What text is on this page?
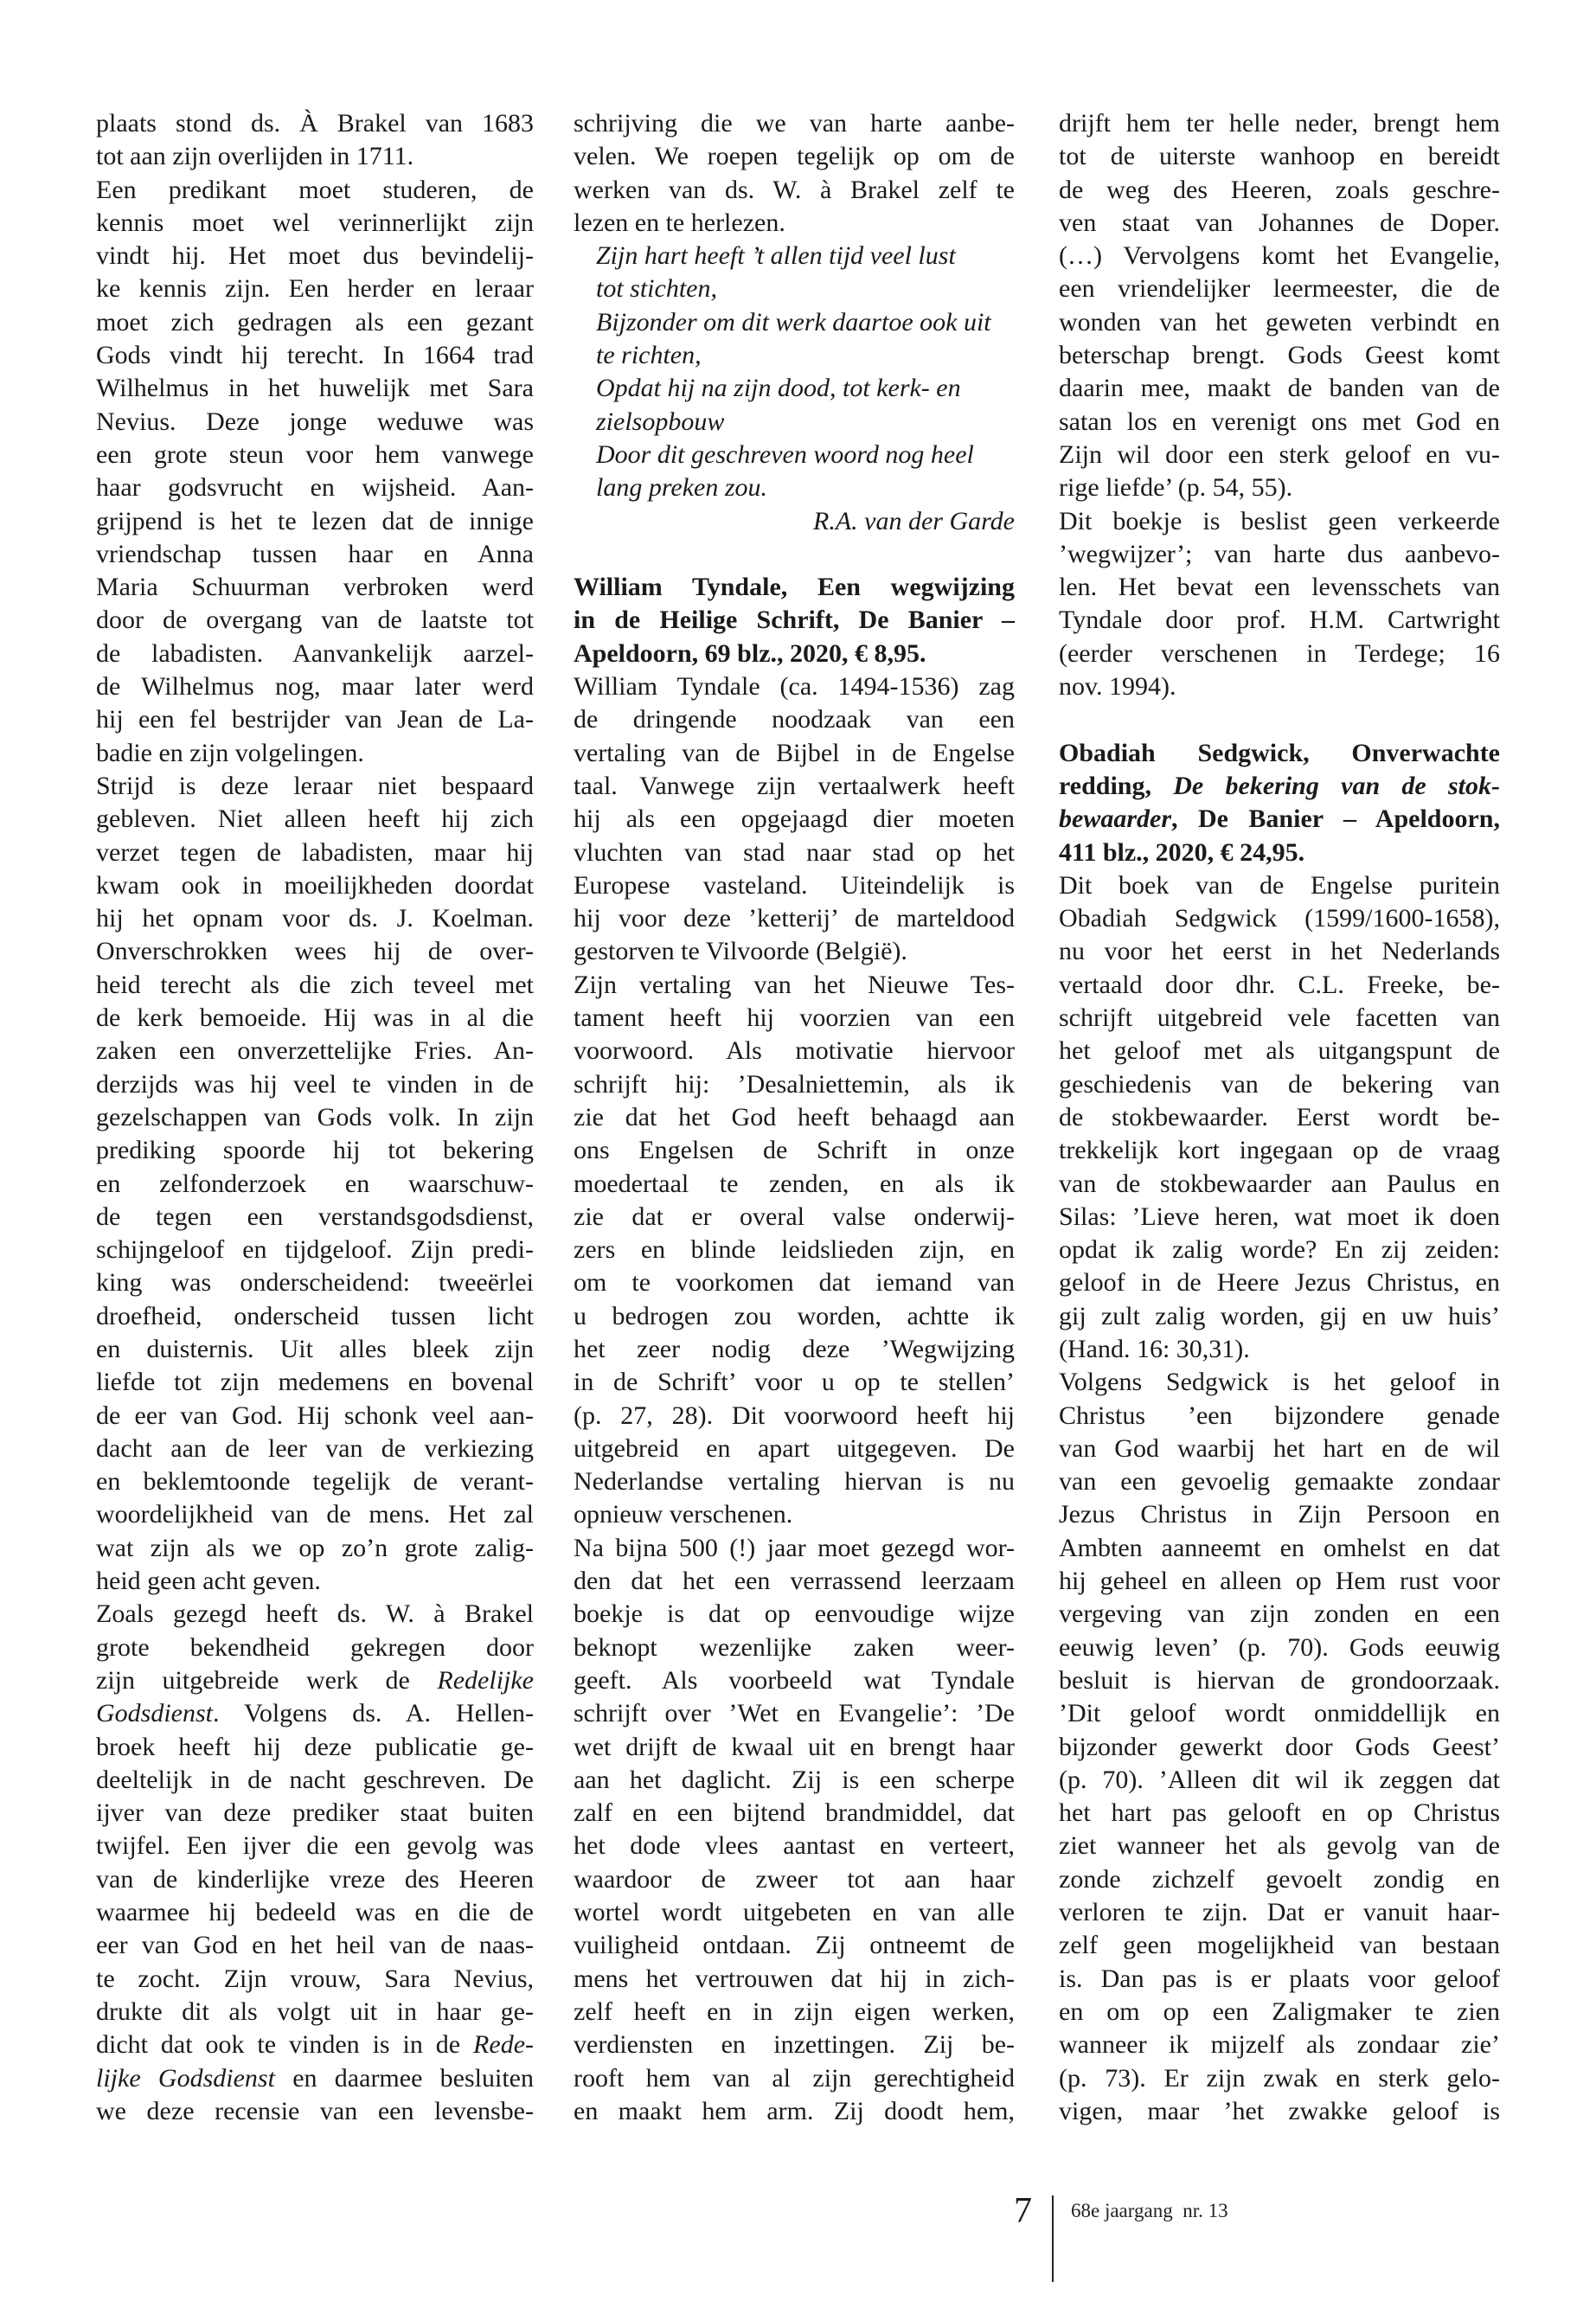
plaats stond ds. À Brakel van 1683
tot aan zijn overlijden in 1711.
Een predikant moet studeren, de
kennis moet wel verinnerlijkt zijn
vindt hij. Het moet dus bevindelij-
ke kennis zijn. Een herder en leraar
moet zich gedragen als een gezant
Gods vindt hij terecht. In 1664 trad
Wilhelmus in het huwelijk met Sara
Nevius. Deze jonge weduwe was
een grote steun voor hem vanwege
haar godsvrucht en wijsheid. Aan-
grijpend is het te lezen dat de innige
vriendschap tussen haar en Anna
Maria Schuurman verbroken werd
door de overgang van de laatste tot
de labadisten. Aanvankelijk aarzel-
de Wilhelmus nog, maar later werd
hij een fel bestrijder van Jean de La-
badie en zijn volgelingen.
Strijd is deze leraar niet bespaard
gebleven. Niet alleen heeft hij zich
verzet tegen de labadisten, maar hij
kwam ook in moeilijkheden doordat
hij het opnam voor ds. J. Koelman.
Onverschrokken wees hij de over-
heid terecht als die zich teveel met
de kerk bemoeide. Hij was in al die
zaken een onverzettelijke Fries. An-
derzijds was hij veel te vinden in de
gezelschappen van Gods volk. In zijn
prediking spoorde hij tot bekering
en zelfonderzoek en waarschuw-
de tegen een verstandsgodsdienst,
schijngeloof en tijdgeloof. Zijn predi-
king was onderscheidend: tweeërlei
droefheid, onderscheid tussen licht
en duisternis. Uit alles bleek zijn
liefde tot zijn medemens en bovenal
de eer van God. Hij schonk veel aan-
dacht aan de leer van de verkiezing
en beklemtoonde tegelijk de verant-
woordelijkheid van de mens. Het zal
wat zijn als we op zo’n grote zalig-
heid geen acht geven.
Zoals gezegd heeft ds. W. à Brakel
grote bekendheid gekregen door
zijn uitgebreide werk de Redelijke
Godsdienst. Volgens ds. A. Hellen-
broek heeft hij deze publicatie ge-
deeltelijk in de nacht geschreven. De
ijver van deze prediker staat buiten
twijfel. Een ijver die een gevolg was
van de kinderlijke vreze des Heeren
waarmee hij bedeeld was en die de
eer van God en het heil van de naas-
te zocht. Zijn vrouw, Sara Nevius,
drukte dit als volgt uit in haar ge-
dicht dat ook te vinden is in de Rede-
lijke Godsdienst en daarmee besluiten
we deze recensie van een levensbe-
schrijving die we van harte aanbe-
velen. We roepen tegelijk op om de
werken van ds. W. à Brakel zelf te
lezen en te herlezen.
Zijn hart heeft ’t allen tijd veel lust
tot stichten,
Bijzonder om dit werk daartoe ook uit
te richten,
Opdat hij na zijn dood, tot kerk- en
zielsopbouw
Door dit geschreven woord nog heel
lang preken zou.
R.A. van der Garde
William Tyndale, Een wegwijzing
in de Heilige Schrift, De Banier –
Apeldoorn, 69 blz., 2020, € 8,95.
William Tyndale (ca. 1494-1536) zag
de dringende noodzaak van een
vertaling van de Bijbel in de Engelse
taal. Vanwege zijn vertaalwerk heeft
hij als een opgejaagd dier moeten
vluchten van stad naar stad op het
Europese vasteland. Uiteindelijk is
hij voor deze ’ketterij’ de marteldood
gestorven te Vilvoorde (België).
Zijn vertaling van het Nieuwe Tes-
tament heeft hij voorzien van een
voorwoord. Als motivatie hiervoor
schrijft hij: ’Desalniettemin, als ik
zie dat het God heeft behaagd aan
ons Engelsen de Schrift in onze
moedertaal te zenden, en als ik
zie dat er overal valse onderwij-
zers en blinde leidslieden zijn, en
om te voorkomen dat iemand van
u bedrogen zou worden, achtte ik
het zeer nodig deze ’Wegwijzing
in de Schrift’ voor u op te stellen’
(p. 27, 28). Dit voorwoord heeft hij
uitgebreid en apart uitgegeven. De
Nederlandse vertaling hiervan is nu
opnieuw verschenen.
Na bijna 500 (!) jaar moet gezegd wor-
den dat het een verrassend leerzaam
boekje is dat op eenvoudige wijze
beknopt wezenlijke zaken weer-
geeft. Als voorbeeld wat Tyndale
schrijft over ’Wet en Evangelie’: ’De
wet drijft de kwaal uit en brengt haar
aan het daglicht. Zij is een scherpe
zalf en een bijtend brandmiddel, dat
het dode vlees aantast en verteert,
waardoor de zweer tot aan haar
wortel wordt uitgebeten en van alle
vuiligheid ontdaan. Zij ontneemt de
mens het vertrouwen dat hij in zich-
zelf heeft en in zijn eigen werken,
verdiensten en inzettingen. Zij be-
rooft hem van al zijn gerechtigheid
en maakt hem arm. Zij doodt hem,
drijft hem ter helle neder, brengt hem
tot de uiterste wanhoop en bereidt
de weg des Heeren, zoals geschre-
ven staat van Johannes de Doper.
(…) Vervolgens komt het Evangelie,
een vriendelijker leermeester, die de
wonden van het geweten verbindt en
beterschap brengt. Gods Geest komt
daarin mee, maakt de banden van de
satan los en verenigt ons met God en
Zijn wil door een sterk geloof en vu-
rige liefde’ (p. 54, 55).
Dit boekje is beslist geen verkeerde
’wegwijzer’; van harte dus aanbevo-
len. Het bevat een levensschets van
Tyndale door prof. H.M. Cartwright
(eerder verschenen in Terdege; 16
nov. 1994).
Obadiah Sedgwick, Onverwachte
redding, De bekering van de stok-
bewaarder, De Banier – Apeldoorn,
411 blz., 2020, € 24,95.
Dit boek van de Engelse puritein
Obadiah Sedgwick (1599/1600-1658),
nu voor het eerst in het Nederlands
vertaald door dhr. C.L. Freeke, be-
schrijft uitgebreid vele facetten van
het geloof met als uitgangspunt de
geschiedenis van de bekering van
de stokbewaarder. Eerst wordt be-
trekkelijk kort ingegaan op de vraag
van de stokbewaarder aan Paulus en
Silas: ’Lieve heren, wat moet ik doen
opdat ik zalig worde? En zij zeiden:
geloof in de Heere Jezus Christus, en
gij zult zalig worden, gij en uw huis’
(Hand. 16: 30,31).
Volgens Sedgwick is het geloof in
Christus ’een bijzondere genade
van God waarbij het hart en de wil
van een gevoelig gemaakte zondaar
Jezus Christus in Zijn Persoon en
Ambten aanneemt en omhelst en dat
hij geheel en alleen op Hem rust voor
vergeving van zijn zonden en een
eeuwig leven’ (p. 70). Gods eeuwig
besluit is hiervan de grondoorzaak.
’Dit geloof wordt onmiddellijk en
bijzonder gewerkt door Gods Geest’
(p. 70). ’Alleen dit wil ik zeggen dat
het hart pas gelooft en op Christus
ziet wanneer het als gevolg van de
zonde zichzelf gevoelt zondig en
verloren te zijn. Dat er vanuit haar-
zelf geen mogelijkheid van bestaan
is. Dan pas is er plaats voor geloof
en om op een Zaligmaker te zien
wanneer ik mijzelf als zondaar zie’
(p. 73). Er zijn zwak en sterk gelo-
vigen, maar ’het zwakke geloof is
7 68e jaargang  nr. 13
